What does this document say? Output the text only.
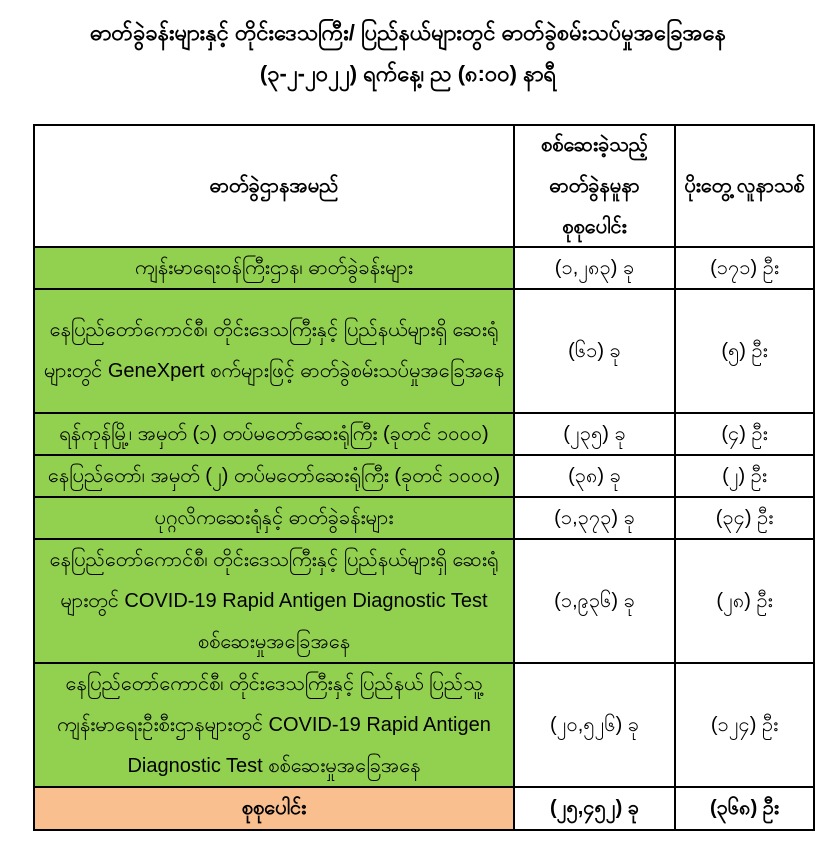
ဓာတ်ခွဲခန်းများနှင့် တိုင်းဒေသကြီး/ ပြည်နယ်များတွင် ဓာတ်ခွဲစမ်းသပ်မှုအခြေအနေ
(၃-၂-၂၀၂၂) ရက်နေ့၊ ည (၈:၀၀) နာရီ
ဓာတ်ခွဲဌာနအမည်	စစ်ဆေးခဲ့သည့် ဓာတ်ခွဲနမူနာ စုစုပေါင်း	ပိုးတွေ့ လူနာသစ်

ကျန်းမာရေးဝန်ကြီးဌာန၊ ဓာတ်ခွဲခန်းများ	(၁,၂၈၃) ခု	(၁၇၁) ဦး

နေပြည်တော်ကောင်စီ၊ တိုင်းဒေသကြီးနှင့် ပြည်နယ်များရှိ ဆေးရုံများတွင် GeneXpert စက်များဖြင့် ဓာတ်ခွဲစမ်းသပ်မှုအခြေအနေ	(၆၁) ခု	(၅) ဦး

ရန်ကုန်မြို့၊ အမှတ် (၁) တပ်မတော်ဆေးရုံကြီး (ခုတင် ၁၀၀၀)	(၂၃၅) ခု	(၄) ဦး

နေပြည်တော်၊ အမှတ် (၂) တပ်မတော်ဆေးရုံကြီး (ခုတင် ၁၀၀၀)	(၃၈) ခု	(၂) ဦး

ပုဂ္ဂလိကဆေးရုံနှင့် ဓာတ်ခွဲခန်းများ	(၁,၃၇၃) ခု	(၃၄) ဦး

နေပြည်တော်ကောင်စီ၊ တိုင်းဒေသကြီးနှင့် ပြည်နယ်များရှိ ဆေးရုံများတွင် COVID-19 Rapid Antigen Diagnostic Test စစ်ဆေးမှုအခြေအနေ	(၁,၉၃၆) ခု	(၂၈) ဦး

နေပြည်တော်ကောင်စီ၊ တိုင်းဒေသကြီးနှင့် ပြည်နယ် ပြည်သူ့ကျန်းမာရေးဦးစီးဌာနများတွင် COVID-19 Rapid Antigen Diagnostic Test စစ်ဆေးမှုအခြေအနေ	(၂၀,၅၂၆) ခု	(၁၂၄) ဦး

စုစုပေါင်း	(၂၅,၄၅၂) ခု	(၃၆၈) ဦး
